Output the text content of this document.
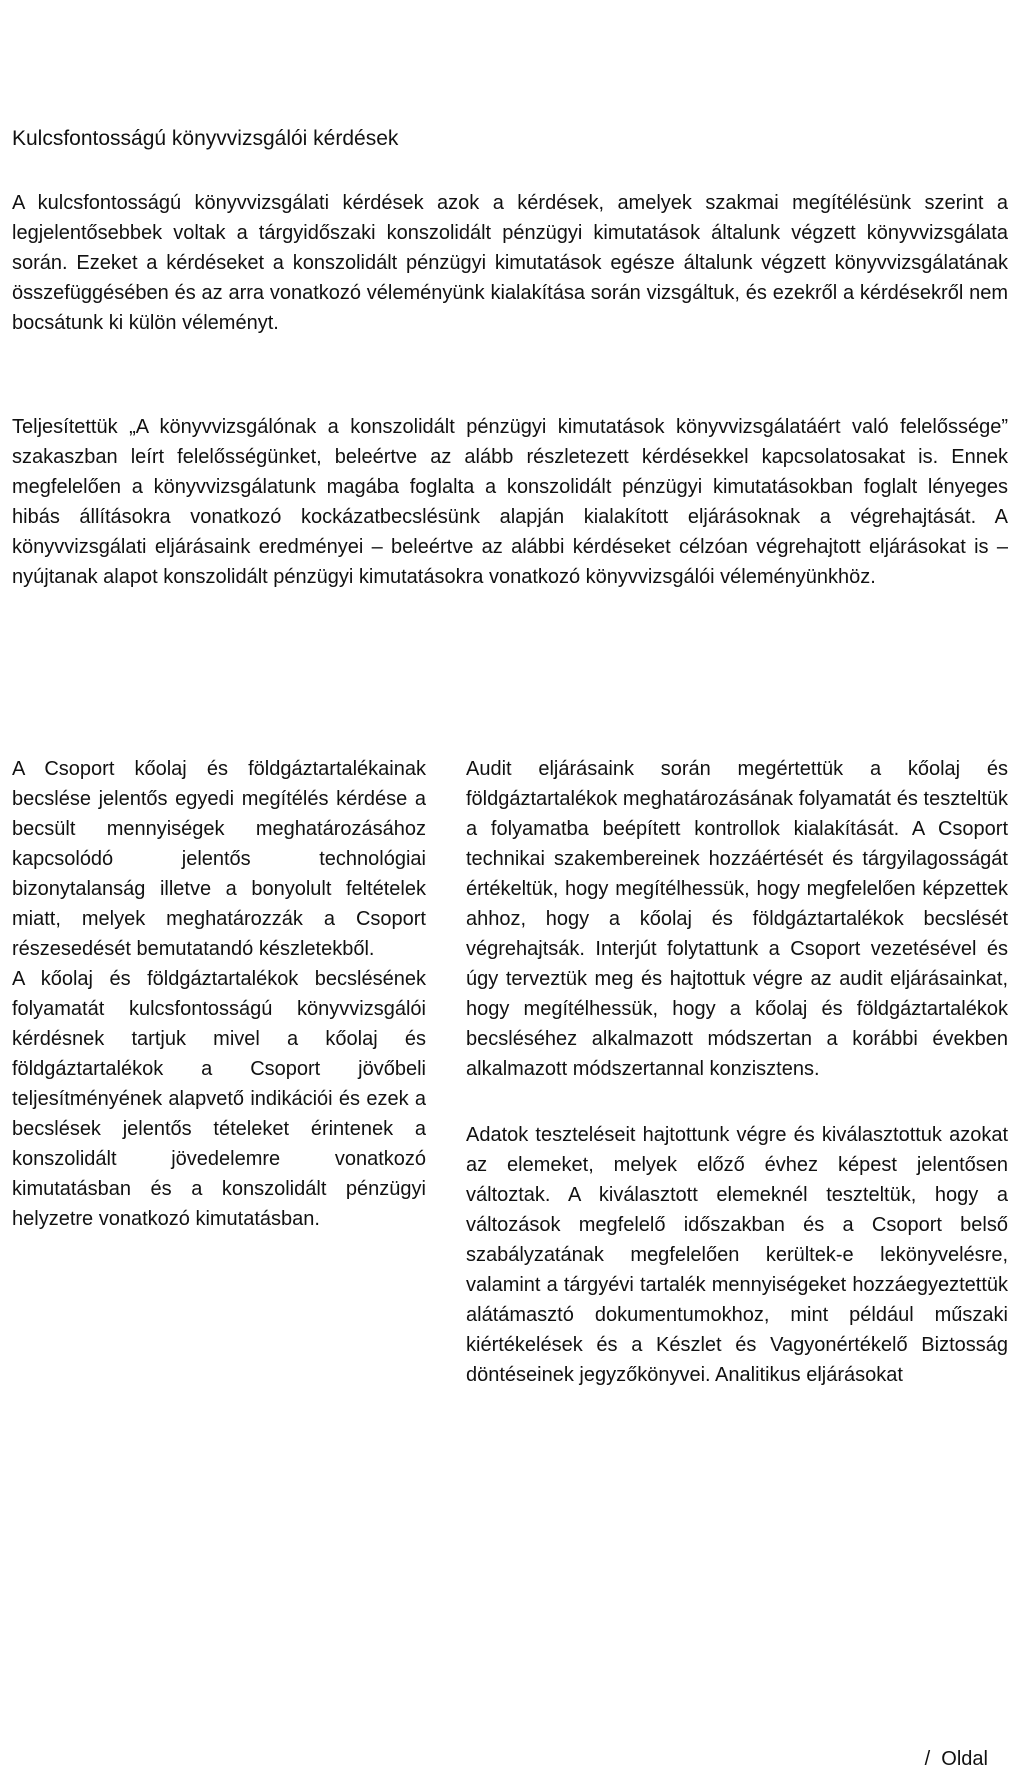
Kulcsfontosságú könyvvizsgálói kérdések

A kulcsfontosságú könyvvizsgálati kérdések azok a kérdések, amelyek szakmai megítélésünk szerint a legjelentősebbek voltak a tárgyidőszaki konszolidált pénzügyi kimutatások általunk végzett könyvvizsgálata során. Ezeket a kérdéseket a konszolidált pénzügyi kimutatások egésze általunk végzett könyvvizsgálatának összefüggésében és az arra vonatkozó véleményünk kialakítása során vizsgáltuk, és ezekről a kérdésekről nem bocsátunk ki külön véleményt.

Teljesítettük „A könyvvizsgálónak a konszolidált pénzügyi kimutatások könyvvizsgálatáért való felelőssége” szakaszban leírt felelősségünket, beleértve az alább részletezett kérdésekkel kapcsolatosakat is. Ennek megfelelően a könyvvizsgálatunk magába foglalta a konszolidált pénzügyi kimutatásokban foglalt lényeges hibás állításokra vonatkozó kockázatbecslésünk alapján kialakított eljárásoknak a végrehajtását. A könyvvizsgálati eljárásaink eredményei – beleértve az alábbi kérdéseket célzóan végrehajtott eljárásokat is – nyújtanak alapot konszolidált pénzügyi kimutatásokra vonatkozó könyvvizsgálói véleményünkhöz.

A Csoport kőolaj és földgáztartalékainak becslése jelentős egyedi megítélés kérdése a becsült mennyiségek meghatározásához kapcsolódó jelentős technológiai bizonytalanság illetve a bonyolult feltételek miatt, melyek meghatározzák a Csoport részesedését bemutatandó készletekből.

A kőolaj és földgáztartalékok becslésének folyamatát kulcsfontosságú könyvvizsgálói kérdésnek tartjuk mivel a kőolaj és földgáztartalékok a Csoport jövőbeli teljesítményének alapvető indikációi és ezek a becslések jelentős tételeket érintenek a konszolidált jövedelemre vonatkozó kimutatásban és a konszolidált pénzügyi helyzetre vonatkozó kimutatásban.

Audit eljárásaink során megértettük a kőolaj és földgáztartalékok meghatározásának folyamatát és teszteltük a folyamatba beépített kontrollok kialakítását. A Csoport technikai szakembereinek hozzáértését és tárgyilagosságát értékeltük, hogy megítélhessük, hogy megfelelően képzettek ahhoz, hogy a kőolaj és földgáztartalékok becslését végrehajtsák. Interjút folytattunk a Csoport vezetésével és úgy terveztük meg és hajtottuk végre az audit eljárásainkat, hogy megítélhessük, hogy a kőolaj és földgáztartalékok becsléséhez alkalmazott módszertan a korábbi években alkalmazott módszertannal konzisztens.

Adatok teszteléseit hajtottunk végre és kiválasztottuk azokat az elemeket, melyek előző évhez képest jelentősen változtak. A kiválasztott elemeknél teszteltük, hogy a változások megfelelő időszakban és a Csoport belső szabályzatának megfelelően kerültek-e lekönyvelésre, valamint a tárgyévi tartalék mennyiségeket hozzáegyeztettük alátámasztó dokumentumokhoz, mint például műszaki kiértékelések és a Készlet és Vagyonértékelő Biztosság döntéseinek jegyzőkönyvei. Analitikus eljárásokat

/  Oldal
